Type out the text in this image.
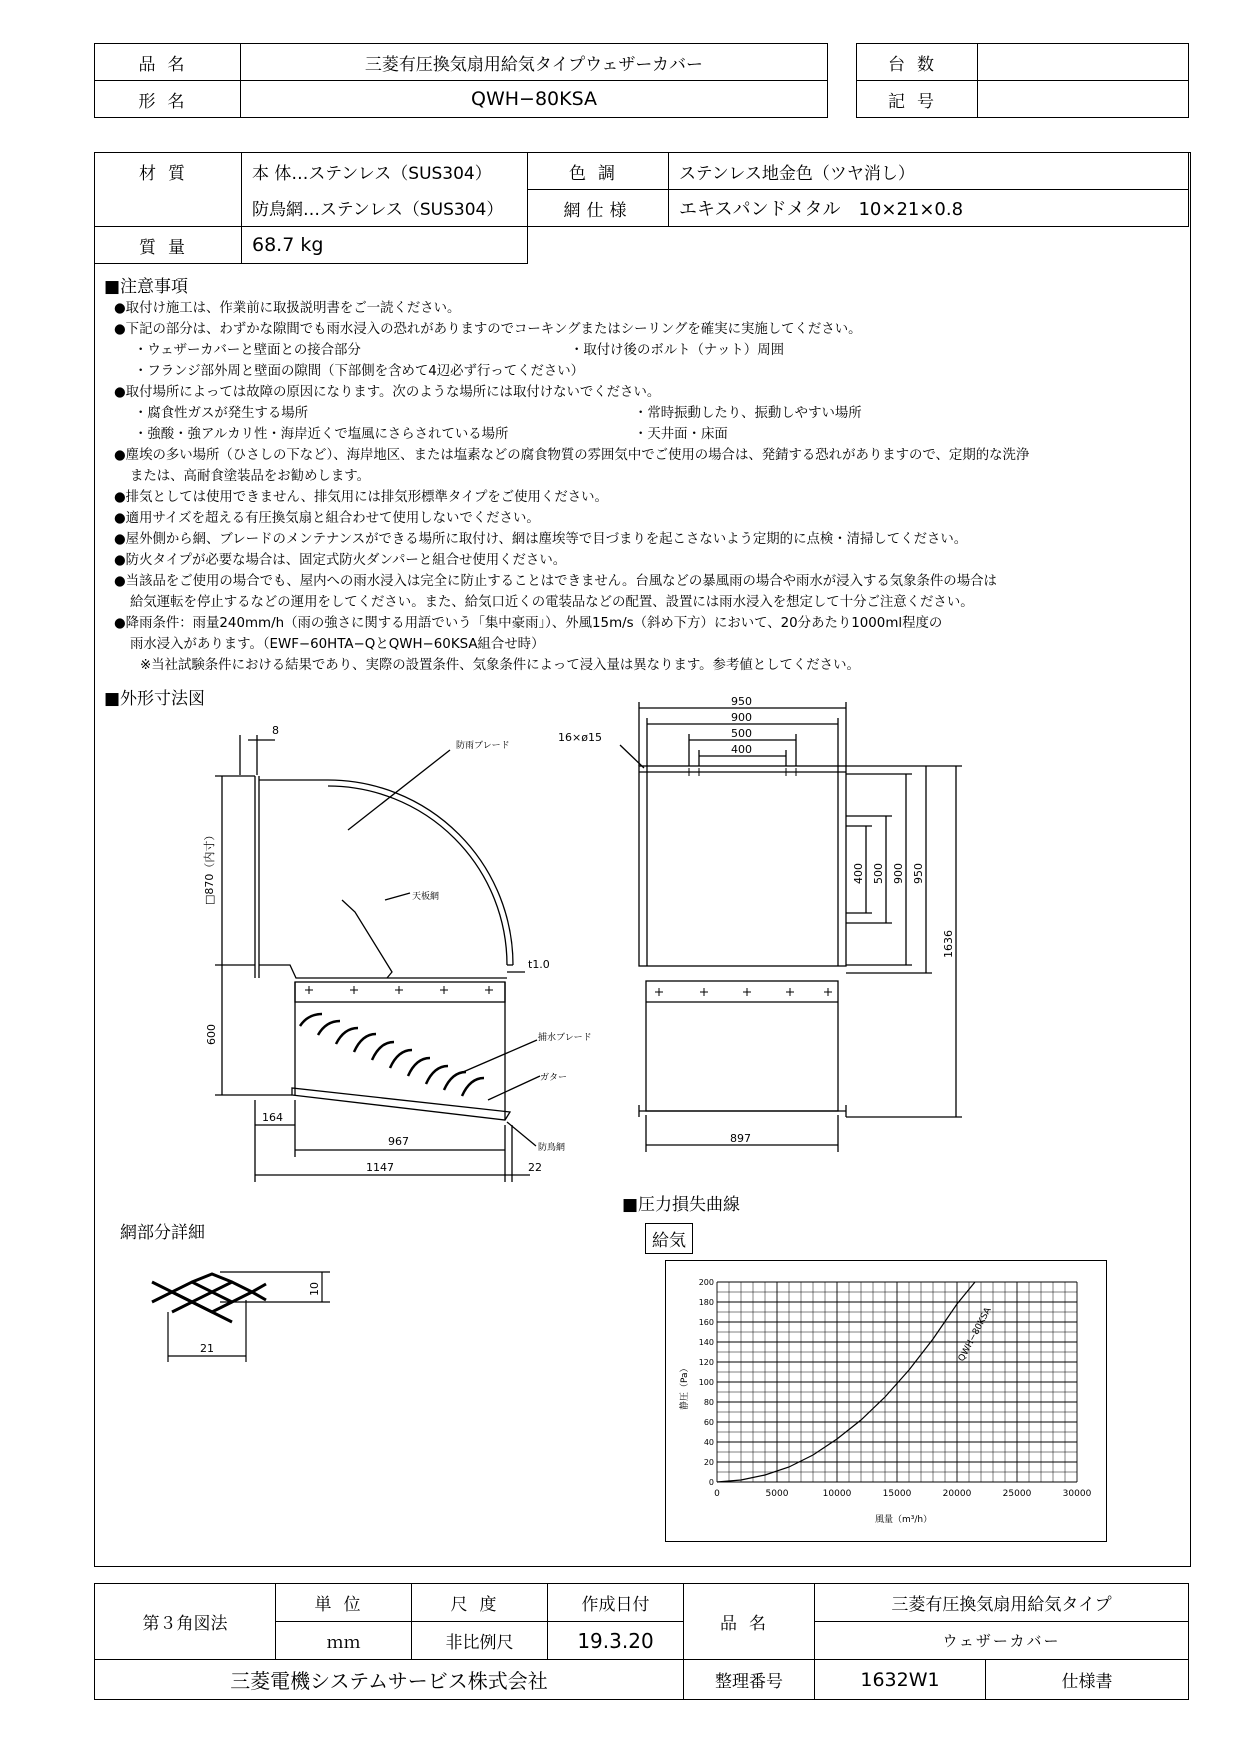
品名	三菱有圧換気扇用給気タイプウェザーカバー
形名	QWH−80KSA
台数	
記号	
材質	本 体…ステンレス（SUS304）	色調	ステンレス地金色（ツヤ消し）
	防鳥網…ステンレス（SUS304）	網仕様	エキスパンドメタル　10×21×0.8
質量	68.7 kg		
■注意事項
●取付け施工は、作業前に取扱説明書をご一読ください。
●下記の部分は、わずかな隙間でも雨水浸入の恐れがありますのでコーキングまたはシーリングを確実に実施してください。
・ウェザーカバーと壁面との接合部分	・取付け後のボルト（ナット）周囲
・フランジ部外周と壁面の隙間（下部側を含めて4辺必ず行ってください）
●取付場所によっては故障の原因になります。次のような場所には取付けないでください。
・腐食性ガスが発生する場所	・常時振動したり、振動しやすい場所
・強酸・強アルカリ性・海岸近くで塩風にさらされている場所	・天井面・床面
●塵埃の多い場所（ひさしの下など）、海岸地区、または塩素などの腐食物質の雰囲気中でご使用の場合は、発錆する恐れがありますので、定期的な洗浄
または、高耐食塗装品をお勧めします。
●排気としては使用できません、排気用には排気形標準タイプをご使用ください。
●適用サイズを超える有圧換気扇と組合わせて使用しないでください。
●屋外側から網、ブレードのメンテナンスができる場所に取付け、網は塵埃等で目づまりを起こさないよう定期的に点検・清掃してください。
●防火タイプが必要な場合は、固定式防火ダンパーと組合せ使用ください。
●当該品をご使用の場合でも、屋内への雨水浸入は完全に防止することはできません。台風などの暴風雨の場合や雨水が浸入する気象条件の場合は
給気運転を停止するなどの運用をしてください。また、給気口近くの電装品などの配置、設置には雨水浸入を想定して十分ご注意ください。
●降雨条件：雨量240mm/h（雨の強さに関する用語でいう「集中豪雨」）、外風15m/s（斜め下方）において、20分あたり1000ml程度の
雨水浸入があります。（EWF−60HTA−QとQWH−60KSA組合せ時）
※当社試験条件における結果であり、実際の設置条件、気象条件によって浸入量は異なります。参考値としてください。
■外形寸法図
8
□870（内寸）
600
164
967
1147	22
t1.0
防雨ブレード
天板網
捕水ブレード
ガター
防鳥網
950
900
500
400
16×ø15
400 500 900 950
1636
897
網部分詳細
10
21
■圧力損失曲線
給気
0	5000	10000	15000	20000	25000	30000
0
20
40
60
80
100
120
140
160
180
200
QWH−80KSA
風量（m³/h）
静圧（Pa）
第３角図法	単位	尺度	作成日付	品名	三菱有圧換気扇用給気タイプ	
	ｍｍ	非比例尺	19.3.20		ウェザーカバー	
三菱電機システムサービス株式会社				整理番号	1632W1	仕様書
